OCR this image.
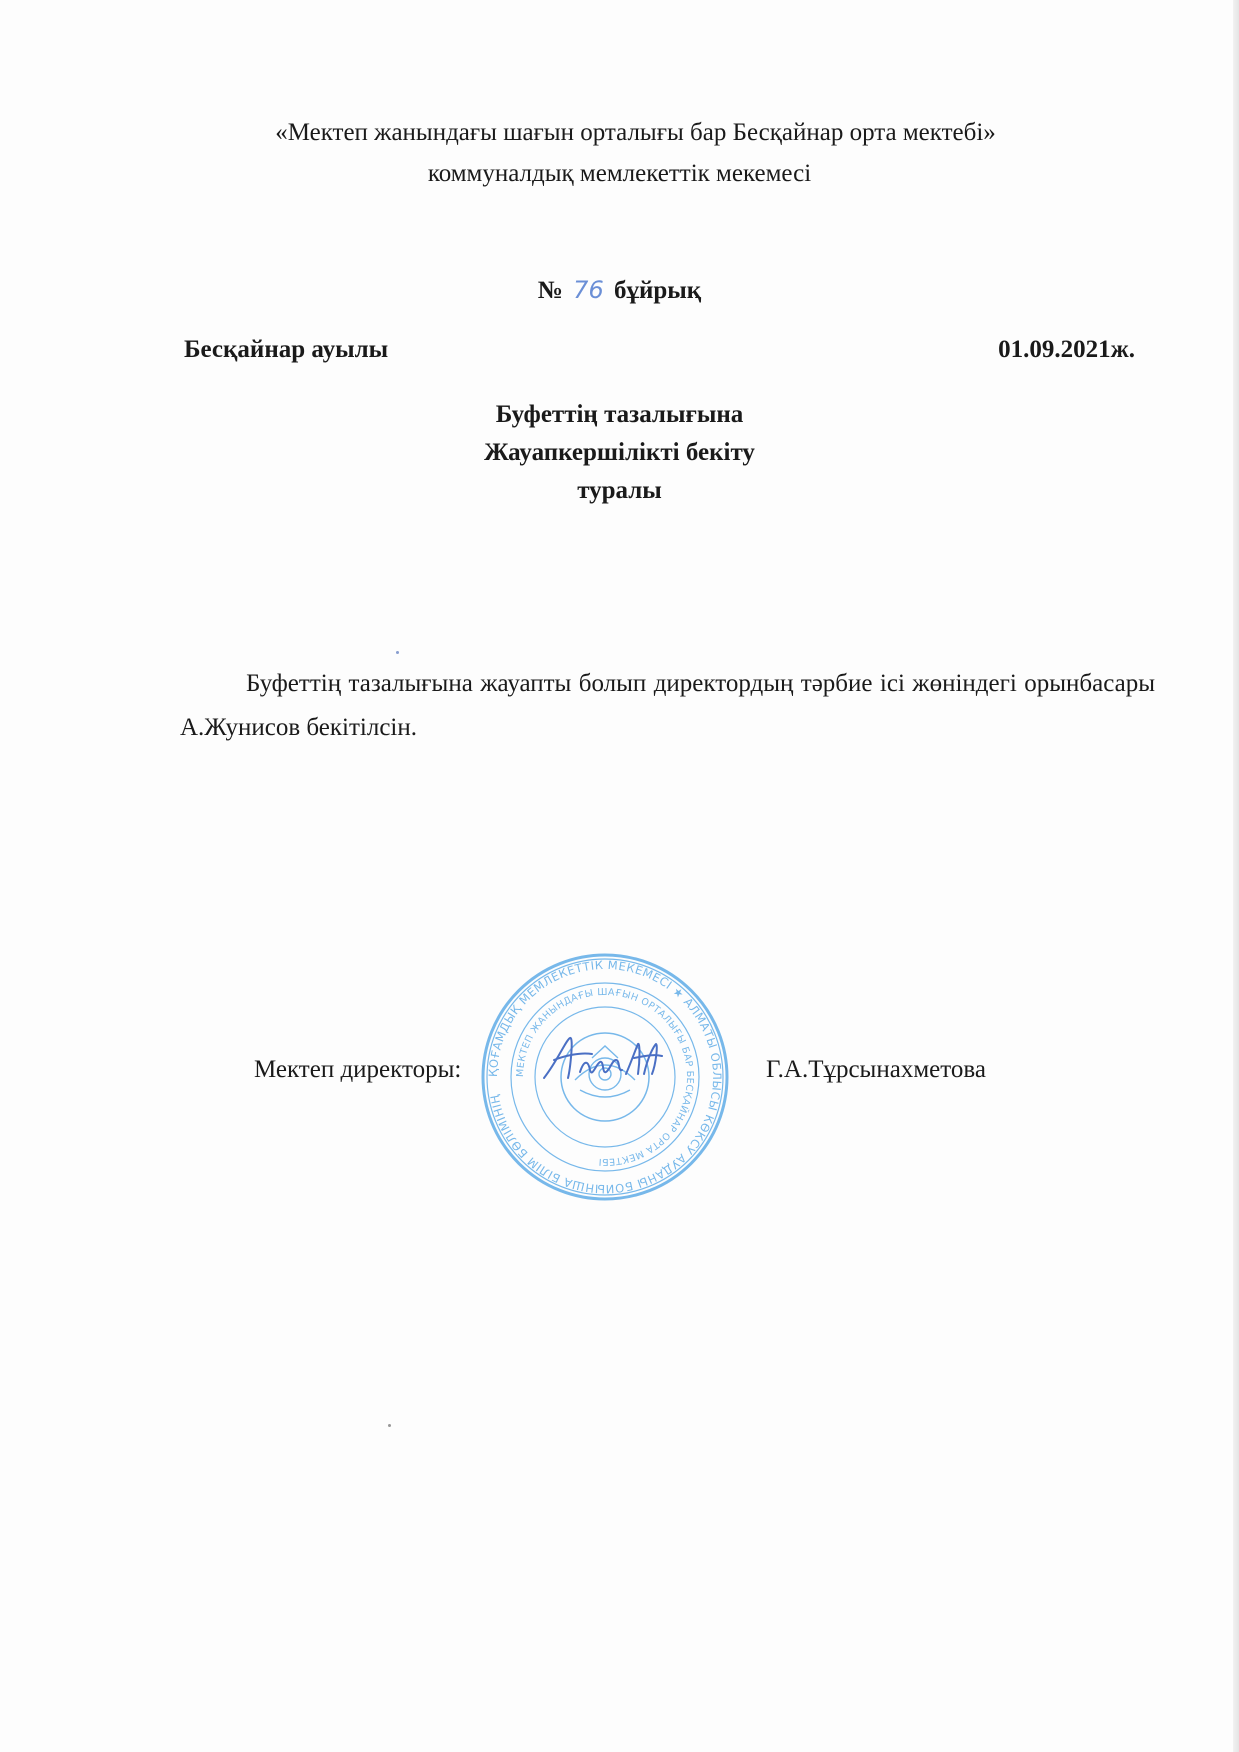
«Мектеп жанындағы шағын орталығы бар Бесқайнар орта мектебі»
коммуналдық мемлекеттік мекемесі
№ 76 бұйрық
Бесқайнар ауылы	01.09.2021ж.
Буфеттің тазалығына
Жауапкершілікті бекіту
туралы
Буфеттің тазалығына жауапты болып директордың тәрбие ісі жөніндегі орынбасары А.Жунисов бекітілсін.
ҚОҒАМДЫҚ МЕМЛЕКЕТТІК МЕКЕМЕСІ ★ АЛМАТЫ ОБЛЫСЫ КӨКСУ АУДАНЫ БОЙЫНША БІЛІМ БӨЛІМІНІҢ
МЕКТЕП ЖАНЫНДАҒЫ ШАҒЫН ОРТАЛЫҒЫ БАР БЕСҚАЙНАР ОРТА МЕКТЕБІ
Мектеп директоры:	Г.А.Тұрсынахметова
